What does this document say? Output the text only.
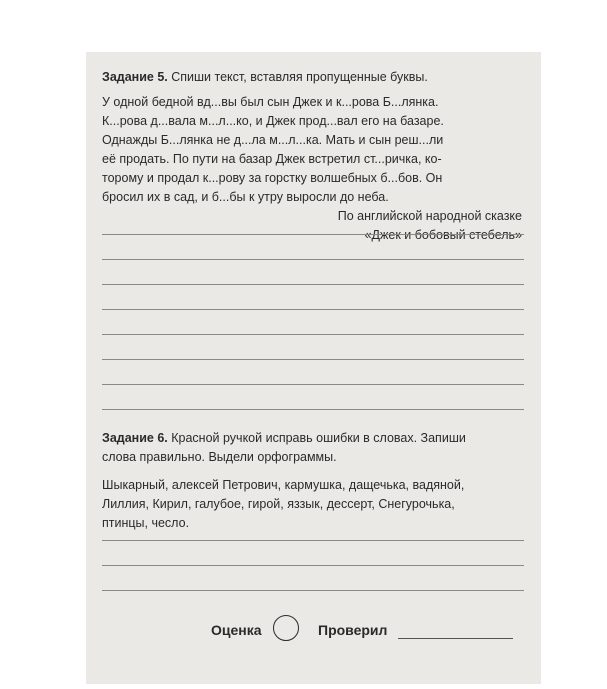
Задание 5. Спиши текст, вставляя пропущенные буквы.
У одной бедной вд...вы был сын Джек и к...рова Б...лянка.
К...рова д...вала м...л...ко, и Джек прод...вал его на базаре.
Однажды Б...лянка не д...ла м...л...ка. Мать и сын реш...ли
её продать. По пути на базар Джек встретил ст...ричка, ко-
торому и продал к...рову за горстку волшебных б...бов. Он
бросил их в сад, и б...бы к утру выросли до неба.
По английской народной сказке
«Джек и бобовый стебель»
Задание 6. Красной ручкой исправь ошибки в словах. Запиши
слова правильно. Выдели орфограммы.
Шыкарный, алексей Петрович, кармушка, дащечька, вадяной,
Лиллия, Кирил, галубое, гирой, яззык, дессерт, Снегурочька,
птинцы, чесло.
Оценка	Проверил
